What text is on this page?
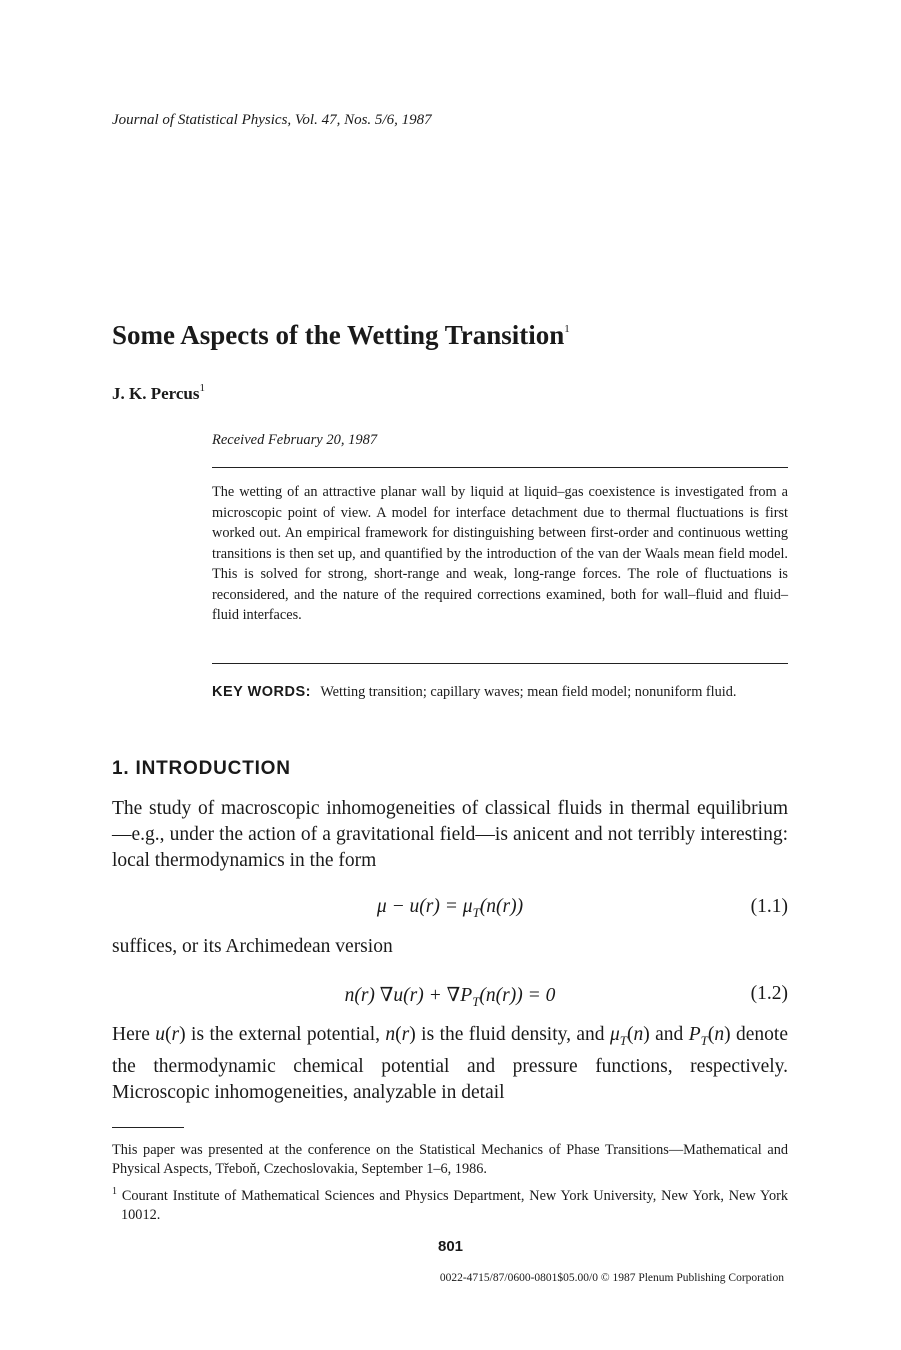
Journal of Statistical Physics, Vol. 47, Nos. 5/6, 1987
Some Aspects of the Wetting Transition$^1$
J. K. Percus$^1$
Received February 20, 1987
The wetting of an attractive planar wall by liquid at liquid–gas coexistence is investigated from a microscopic point of view. A model for interface detachment due to thermal fluctuations is first worked out. An empirical framework for distinguishing between first-order and continuous wetting transitions is then set up, and quantified by the introduction of the van der Waals mean field model. This is solved for strong, short-range and weak, long-range forces. The role of fluctuations is reconsidered, and the nature of the required corrections examined, both for wall–fluid and fluid–fluid interfaces.
KEY WORDS: Wetting transition; capillary waves; mean field model; nonuniform fluid.
1. INTRODUCTION
The study of macroscopic inhomogeneities of classical fluids in thermal equilibrium—e.g., under the action of a gravitational field—is anicent and not terribly interesting: local thermodynamics in the form
$\mu - u(r) = \mu_T(n(r))$	(1.1)
suffices, or its Archimedean version
n(r) $\nabla u(r) + \nabla P_T(n(r)) = 0$	(1.2)
Here u(r) is the external potential, n(r) is the fluid density, and $\mu_T(n)$ and $P_T(n)$ denote the thermodynamic chemical potential and pressure functions, respectively. Microscopic inhomogeneities, analyzable in detail
This paper was presented at the conference on the Statistical Mechanics of Phase Transitions—Mathematical and Physical Aspects, Třeboň, Czechoslovakia, September 1–6, 1986.
$^1$ Courant Institute of Mathematical Sciences and Physics Department, New York University, New York, New York 10012.
801
0022-4715/87/0600-0801$05.00/0 © 1987 Plenum Publishing Corporation
